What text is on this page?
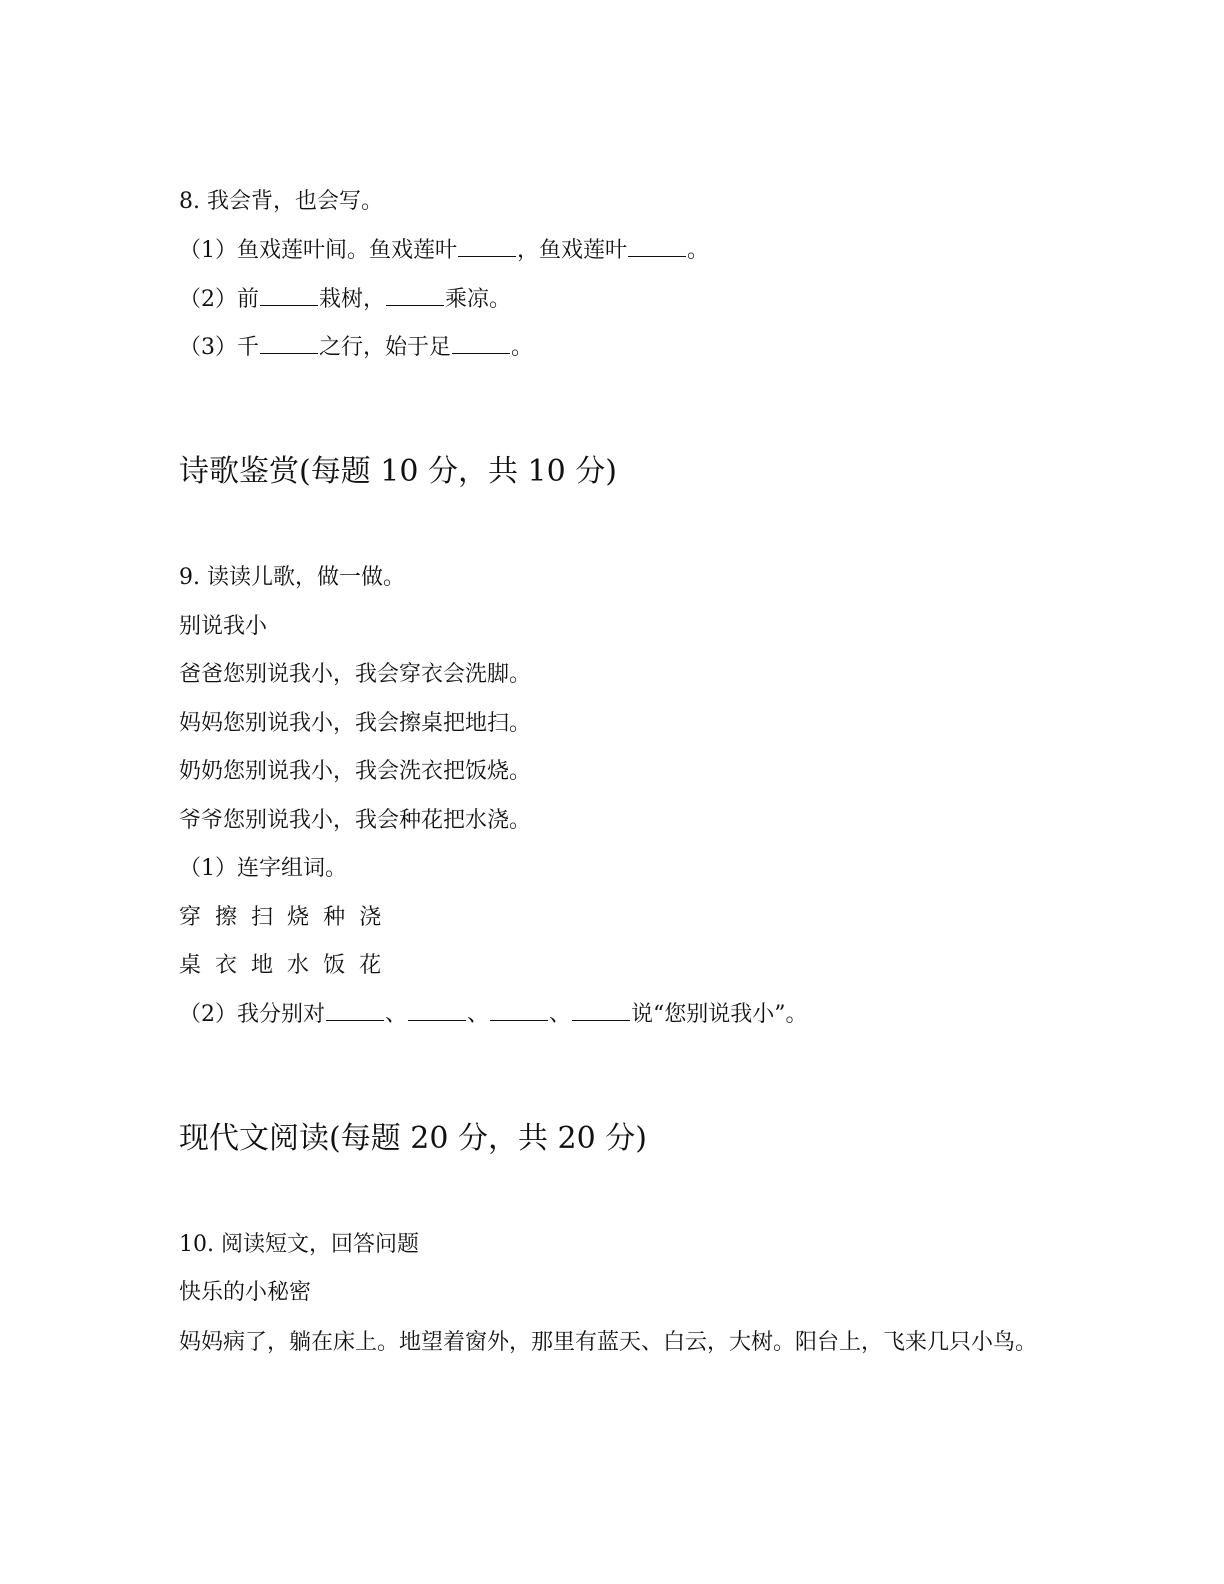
8. 我会背，也会写。
（1）鱼戏莲叶间。鱼戏莲叶	，鱼戏莲叶	。
（2）前	栽树，	乘凉。
（3）千	之行，始于足	。
诗歌鉴赏(每题 10 分，共 10 分)
9. 读读儿歌，做一做。
别说我小
爸爸您别说我小，我会穿衣会洗脚。
妈妈您别说我小，我会擦桌把地扫。
奶奶您别说我小，我会洗衣把饭烧。
爷爷您别说我小，我会种花把水浇。
（1）连字组词。
穿 擦 扫 烧 种 浇
桌 衣 地 水 饭 花
（2）我分别对	、	、	、	说“您别说我小”。
现代文阅读(每题 20 分，共 20 分)
10. 阅读短文，回答问题
快乐的小秘密
妈妈病了，躺在床上。地望着窗外，那里有蓝天、白云，大树。阳台上，飞来几只小鸟。
